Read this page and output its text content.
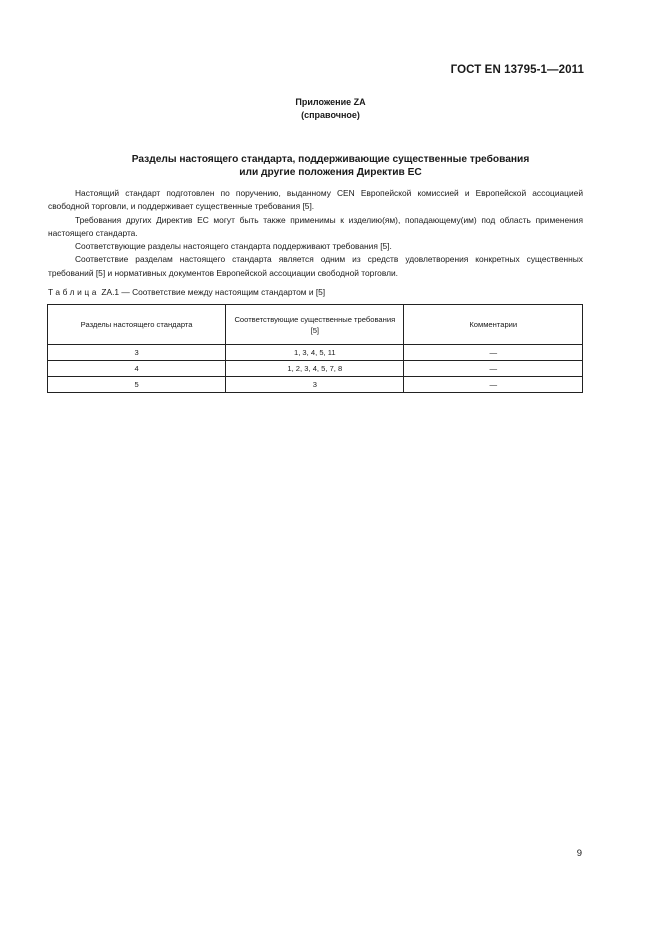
ГОСТ EN 13795-1—2011
Приложение ZA
(справочное)
Разделы настоящего стандарта, поддерживающие существенные требования
или другие положения Директив ЕС

Настоящий стандарт подготовлен по поручению, выданному CEN Европейской комиссией и Европейской ассоциацией свободной торговли, и поддерживает существенные требования [5].

Требования других Директив ЕС могут быть также применимы к изделию(ям), попадающему(им) под область применения настоящего стандарта.

Соответствующие разделы настоящего стандарта поддерживают требования [5].

Соответствие разделам настоящего стандарта является одним из средств удовлетворения конкретных существенных требований [5] и нормативных документов Европейской ассоциации свободной торговли.

Таблица ZA.1 — Соответствие между настоящим стандартом и [5]
Разделы настоящего стандарта	Соответствующие существенные требования [5]	Комментарии
3	1, 3, 4, 5, 11	—
4	1, 2, 3, 4, 5, 7, 8	—
5	3	—
9
